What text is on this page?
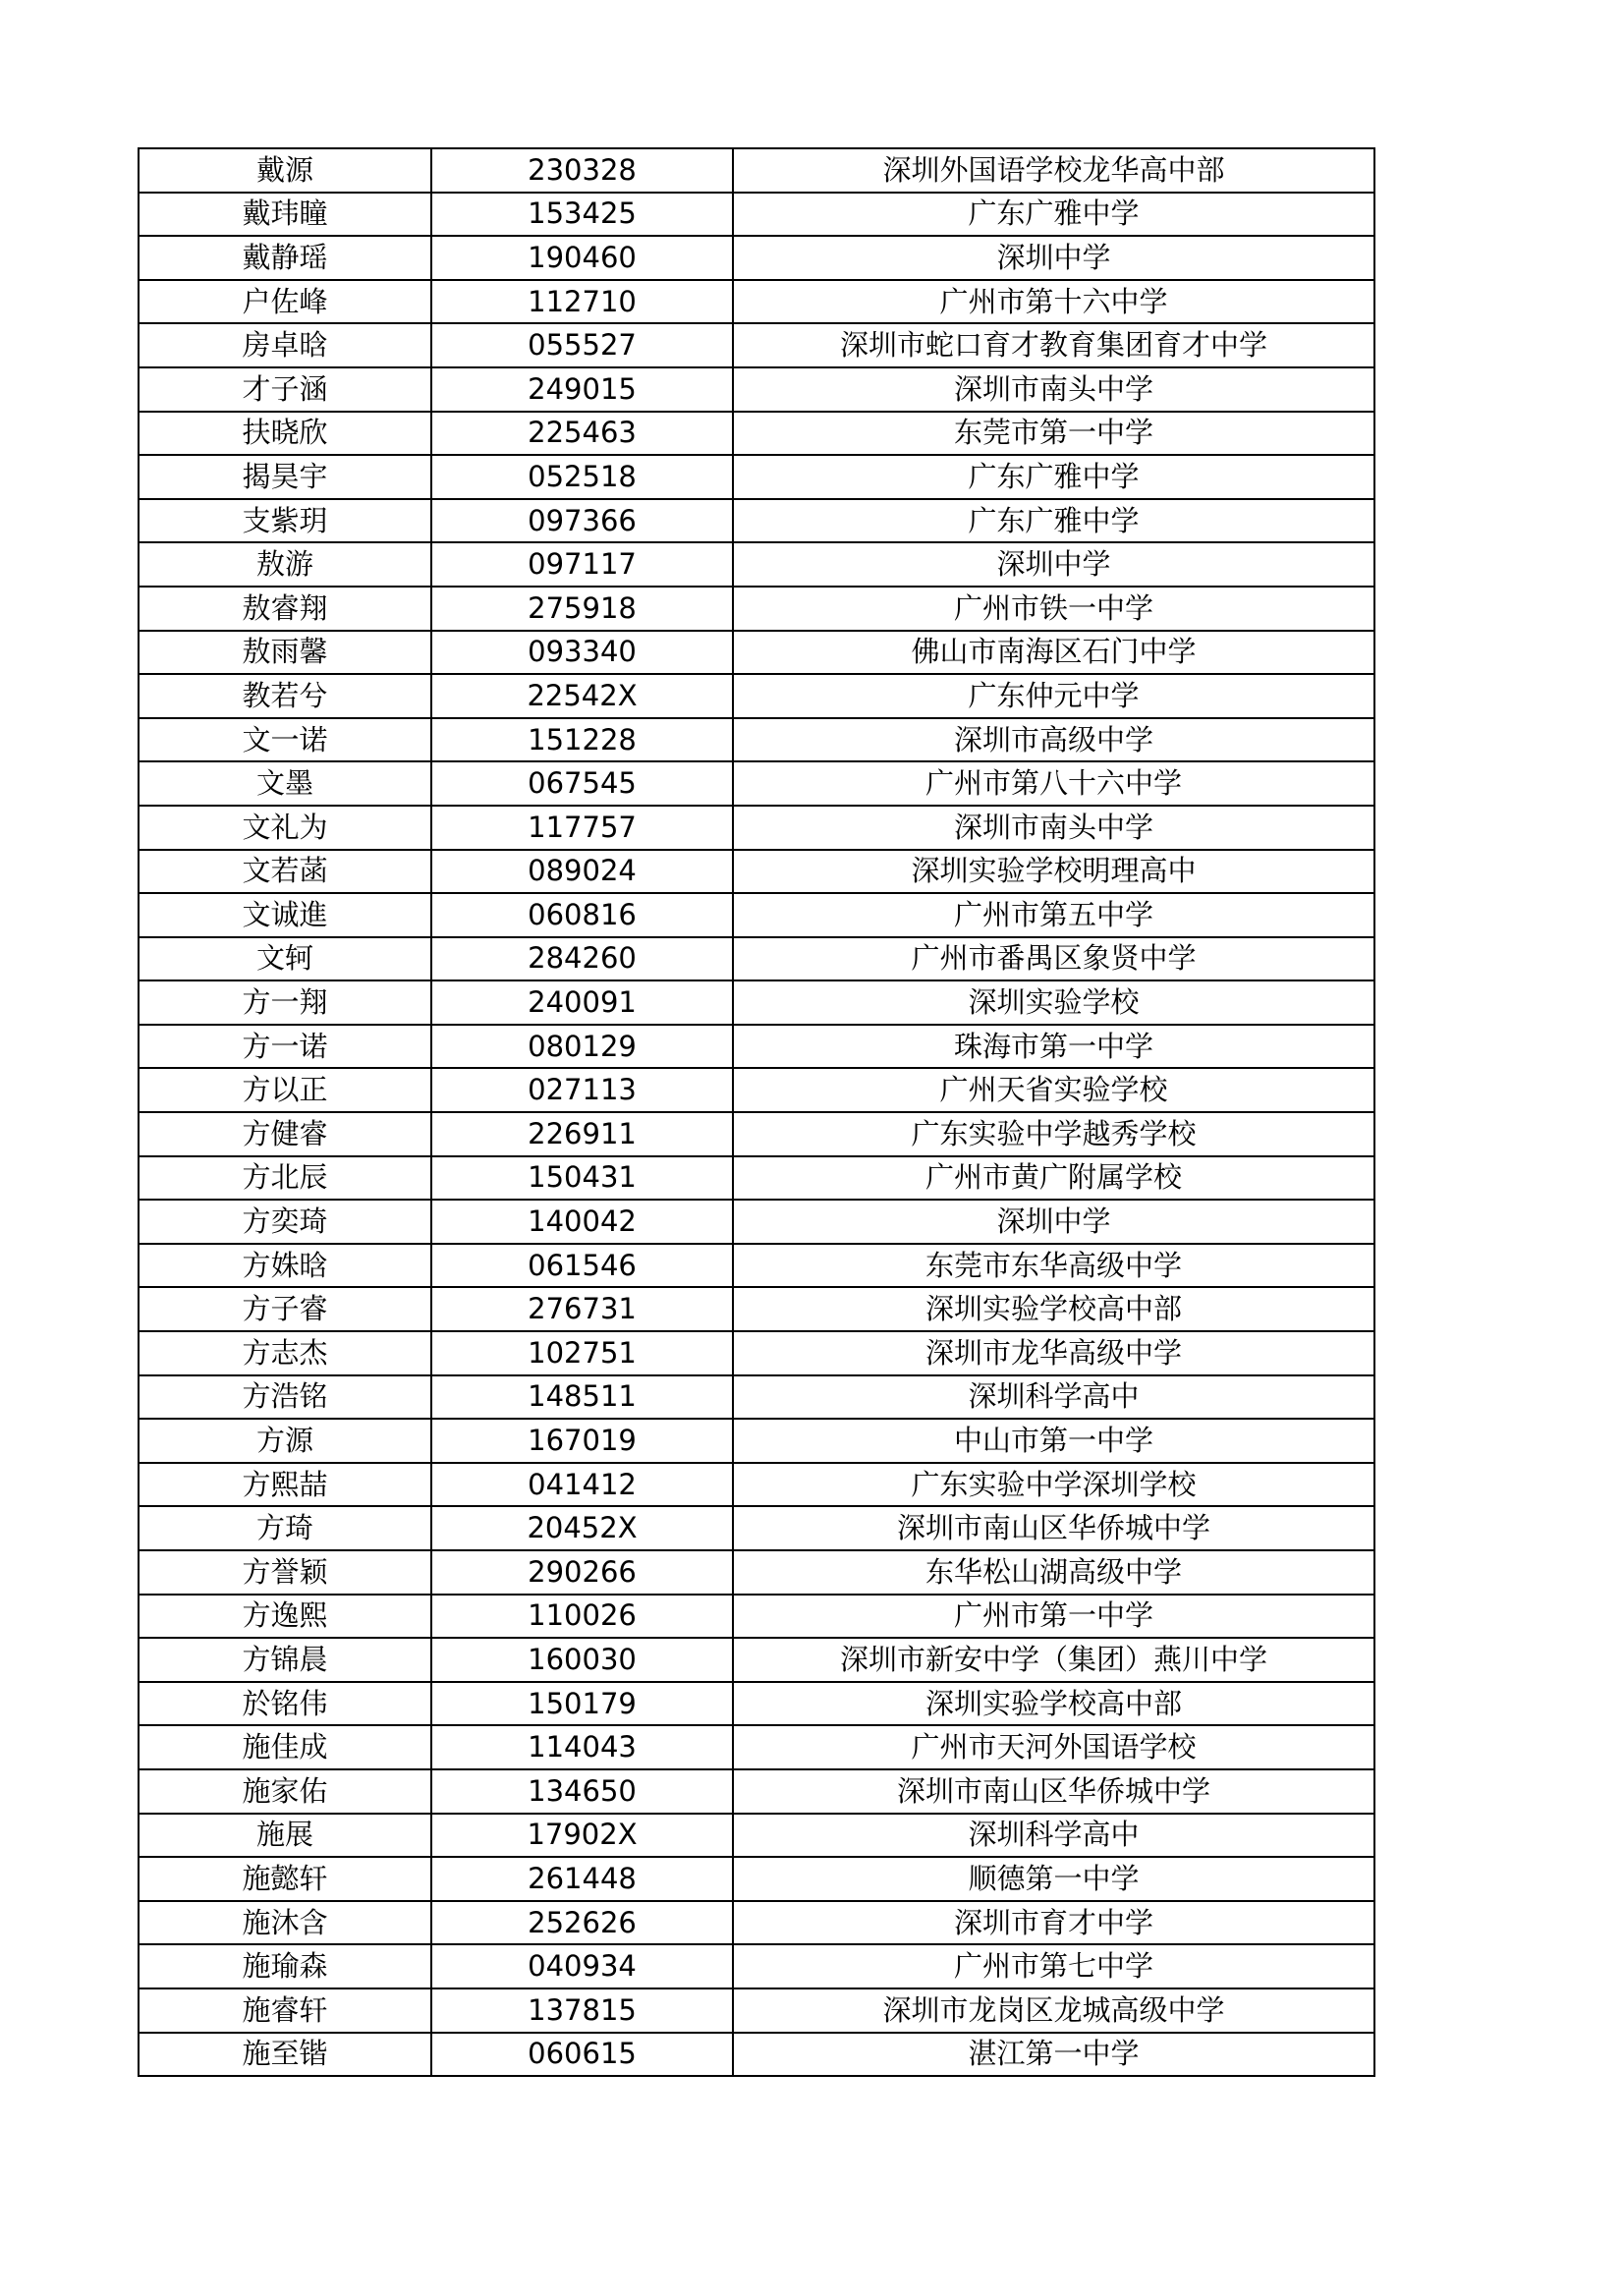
戴源	230328	深圳外国语学校龙华高中部
戴玮瞳	153425	广东广雅中学
戴静瑶	190460	深圳中学
户佐峰	112710	广州市第十六中学
房卓晗	055527	深圳市蛇口育才教育集团育才中学
才子涵	249015	深圳市南头中学
扶晓欣	225463	东莞市第一中学
揭昊宇	052518	广东广雅中学
支紫玥	097366	广东广雅中学
敖游	097117	深圳中学
敖睿翔	275918	广州市铁一中学
敖雨馨	093340	佛山市南海区石门中学
教若兮	22542X	广东仲元中学
文一诺	151228	深圳市高级中学
文墨	067545	广州市第八十六中学
文礼为	117757	深圳市南头中学
文若菡	089024	深圳实验学校明理高中
文诚進	060816	广州市第五中学
文轲	284260	广州市番禺区象贤中学
方一翔	240091	深圳实验学校
方一诺	080129	珠海市第一中学
方以正	027113	广州天省实验学校
方健睿	226911	广东实验中学越秀学校
方北辰	150431	广州市黄广附属学校
方奕琦	140042	深圳中学
方姝晗	061546	东莞市东华高级中学
方子睿	276731	深圳实验学校高中部
方志杰	102751	深圳市龙华高级中学
方浩铭	148511	深圳科学高中
方源	167019	中山市第一中学
方熙喆	041412	广东实验中学深圳学校
方琦	20452X	深圳市南山区华侨城中学
方誉颖	290266	东华松山湖高级中学
方逸熙	110026	广州市第一中学
方锦晨	160030	深圳市新安中学（集团）燕川中学
於铭伟	150179	深圳实验学校高中部
施佳成	114043	广州市天河外国语学校
施家佑	134650	深圳市南山区华侨城中学
施展	17902X	深圳科学高中
施懿轩	261448	顺德第一中学
施沐含	252626	深圳市育才中学
施瑜森	040934	广州市第七中学
施睿轩	137815	深圳市龙岗区龙城高级中学
施至锴	060615	湛江第一中学
